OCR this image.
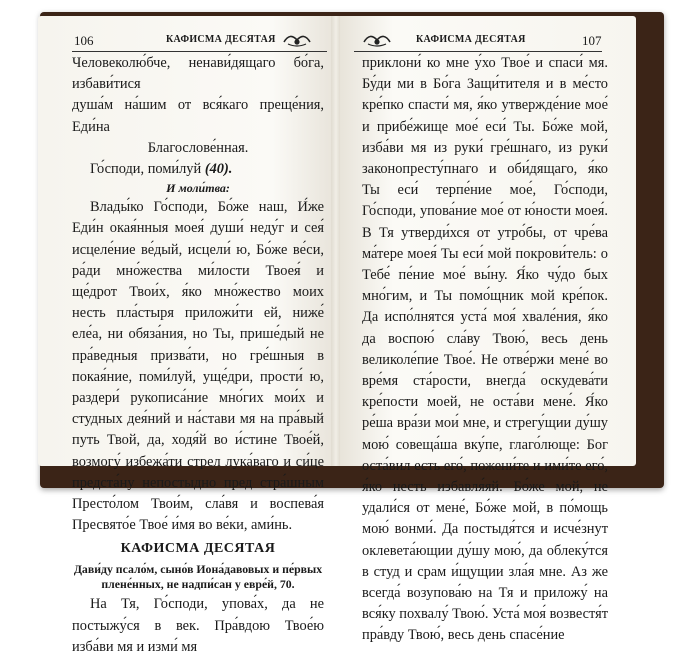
106	КАФИСМА ДЕСЯТАЯ

Человеколю́бче, ненави́дящаго бо́га, избави́тися

душа́м на́шим от вся́каго преще́ния, Еди́на

Благослове́нная.

Го́споди, поми́луй (40).

И моли́тва:

Влады́ко Го́споди, Бо́же наш, И́же Еди́н окая́нныя моея́ души́ неду́г и сея́ исцеле́ние ве́дый, исцели́ ю, Бо́же ве́си, ра́ди мно́жества ми́лости Твоея́ и ще́дрот Твои́х, я́ко мно́жество моих несть пла́стыря приложи́ти ей, ниже́ еле́а, ни обяза́ния, но Ты, прише́дый не пра́ведныя призва́ти, но гре́шныя в покая́ние, поми́луй, уще́дри, прости́ ю, раздери́ рукописа́ние мно́гих мои́х и студных дея́ний и на́стави мя на пра́вый путь Твой, да, ходя́й во и́стине Твое́й, возмогу́ избежа́ти стрел лука́ваго и си́це предста́ну непостыдно пред стра́шным Престо́лом Твои́м, сла́вя и воспева́я Пресвято́е Твое́ и́мя во ве́ки, ами́нь.

КАФИСМА ДЕСЯТАЯ

Дави́ду псало́м, сыно́в Иона́давовых и пе́рвых плене́нных, не надпи́сан у евре́й, 70.

На Тя, Го́споди, упова́х, да не постыжу́ся в век. Пра́вдою Твое́ю изба́ви мя и изми́ мя

КАФИСМА ДЕСЯТАЯ	107

приклони́ ко мне у́хо Твое́ и спаси́ мя. Бу́ди ми в Бо́га Защи́тителя и в ме́сто кре́пко спасти́ мя, я́ко утвержде́ние мое́ и прибе́жище мое́ еси́ Ты. Бо́же мой, изба́ви мя из руки́ гре́шнаго, из руки́ законопресту́пнаго и оби́дящаго, я́ко Ты еси́ терпе́ние мое́, Го́споди, Го́споди, упова́ние мое́ от ю́ности моея́. В Тя утверди́хся от утро́бы, от чре́ва ма́тере моея́ Ты еси́ мой покрови́тель: о Тебе́ пе́ние мое́ вы́ну. Я́ко чу́до бых мно́гим, и Ты помо́щник мой кре́пок. Да испо́лнятся уста́ моя́ хвале́ния, я́ко да воспою́ сла́ву Твою́, весь день великоле́пие Твое́. Не отве́ржи мене́ во вре́мя ста́рости, внегда́ оскудева́ти кре́пости моей, не оста́ви мене́. Я́ко ре́ша вра́зи мои́ мне, и стрегу́щии ду́шу мою́ совеща́ша вку́пе, глаго́люще: Бог оста́вил есть его́, пожени́те и ими́те его́, я́ко несть избавля́яй. Бо́же мой, не удали́ся от мене́, Бо́же мой, в по́мощь мою́ вонми́. Да постыдя́тся и исче́знут оклевета́ющии ду́шу мою́, да облеку́тся в студ и срам и́щущии зла́я мне. Аз же всегда́ возупова́ю на Тя и приложу́ на вся́ку похвалу́ Твою́. Уста́ моя́ возвестя́т пра́вду Твою́, весь день спасе́ние
